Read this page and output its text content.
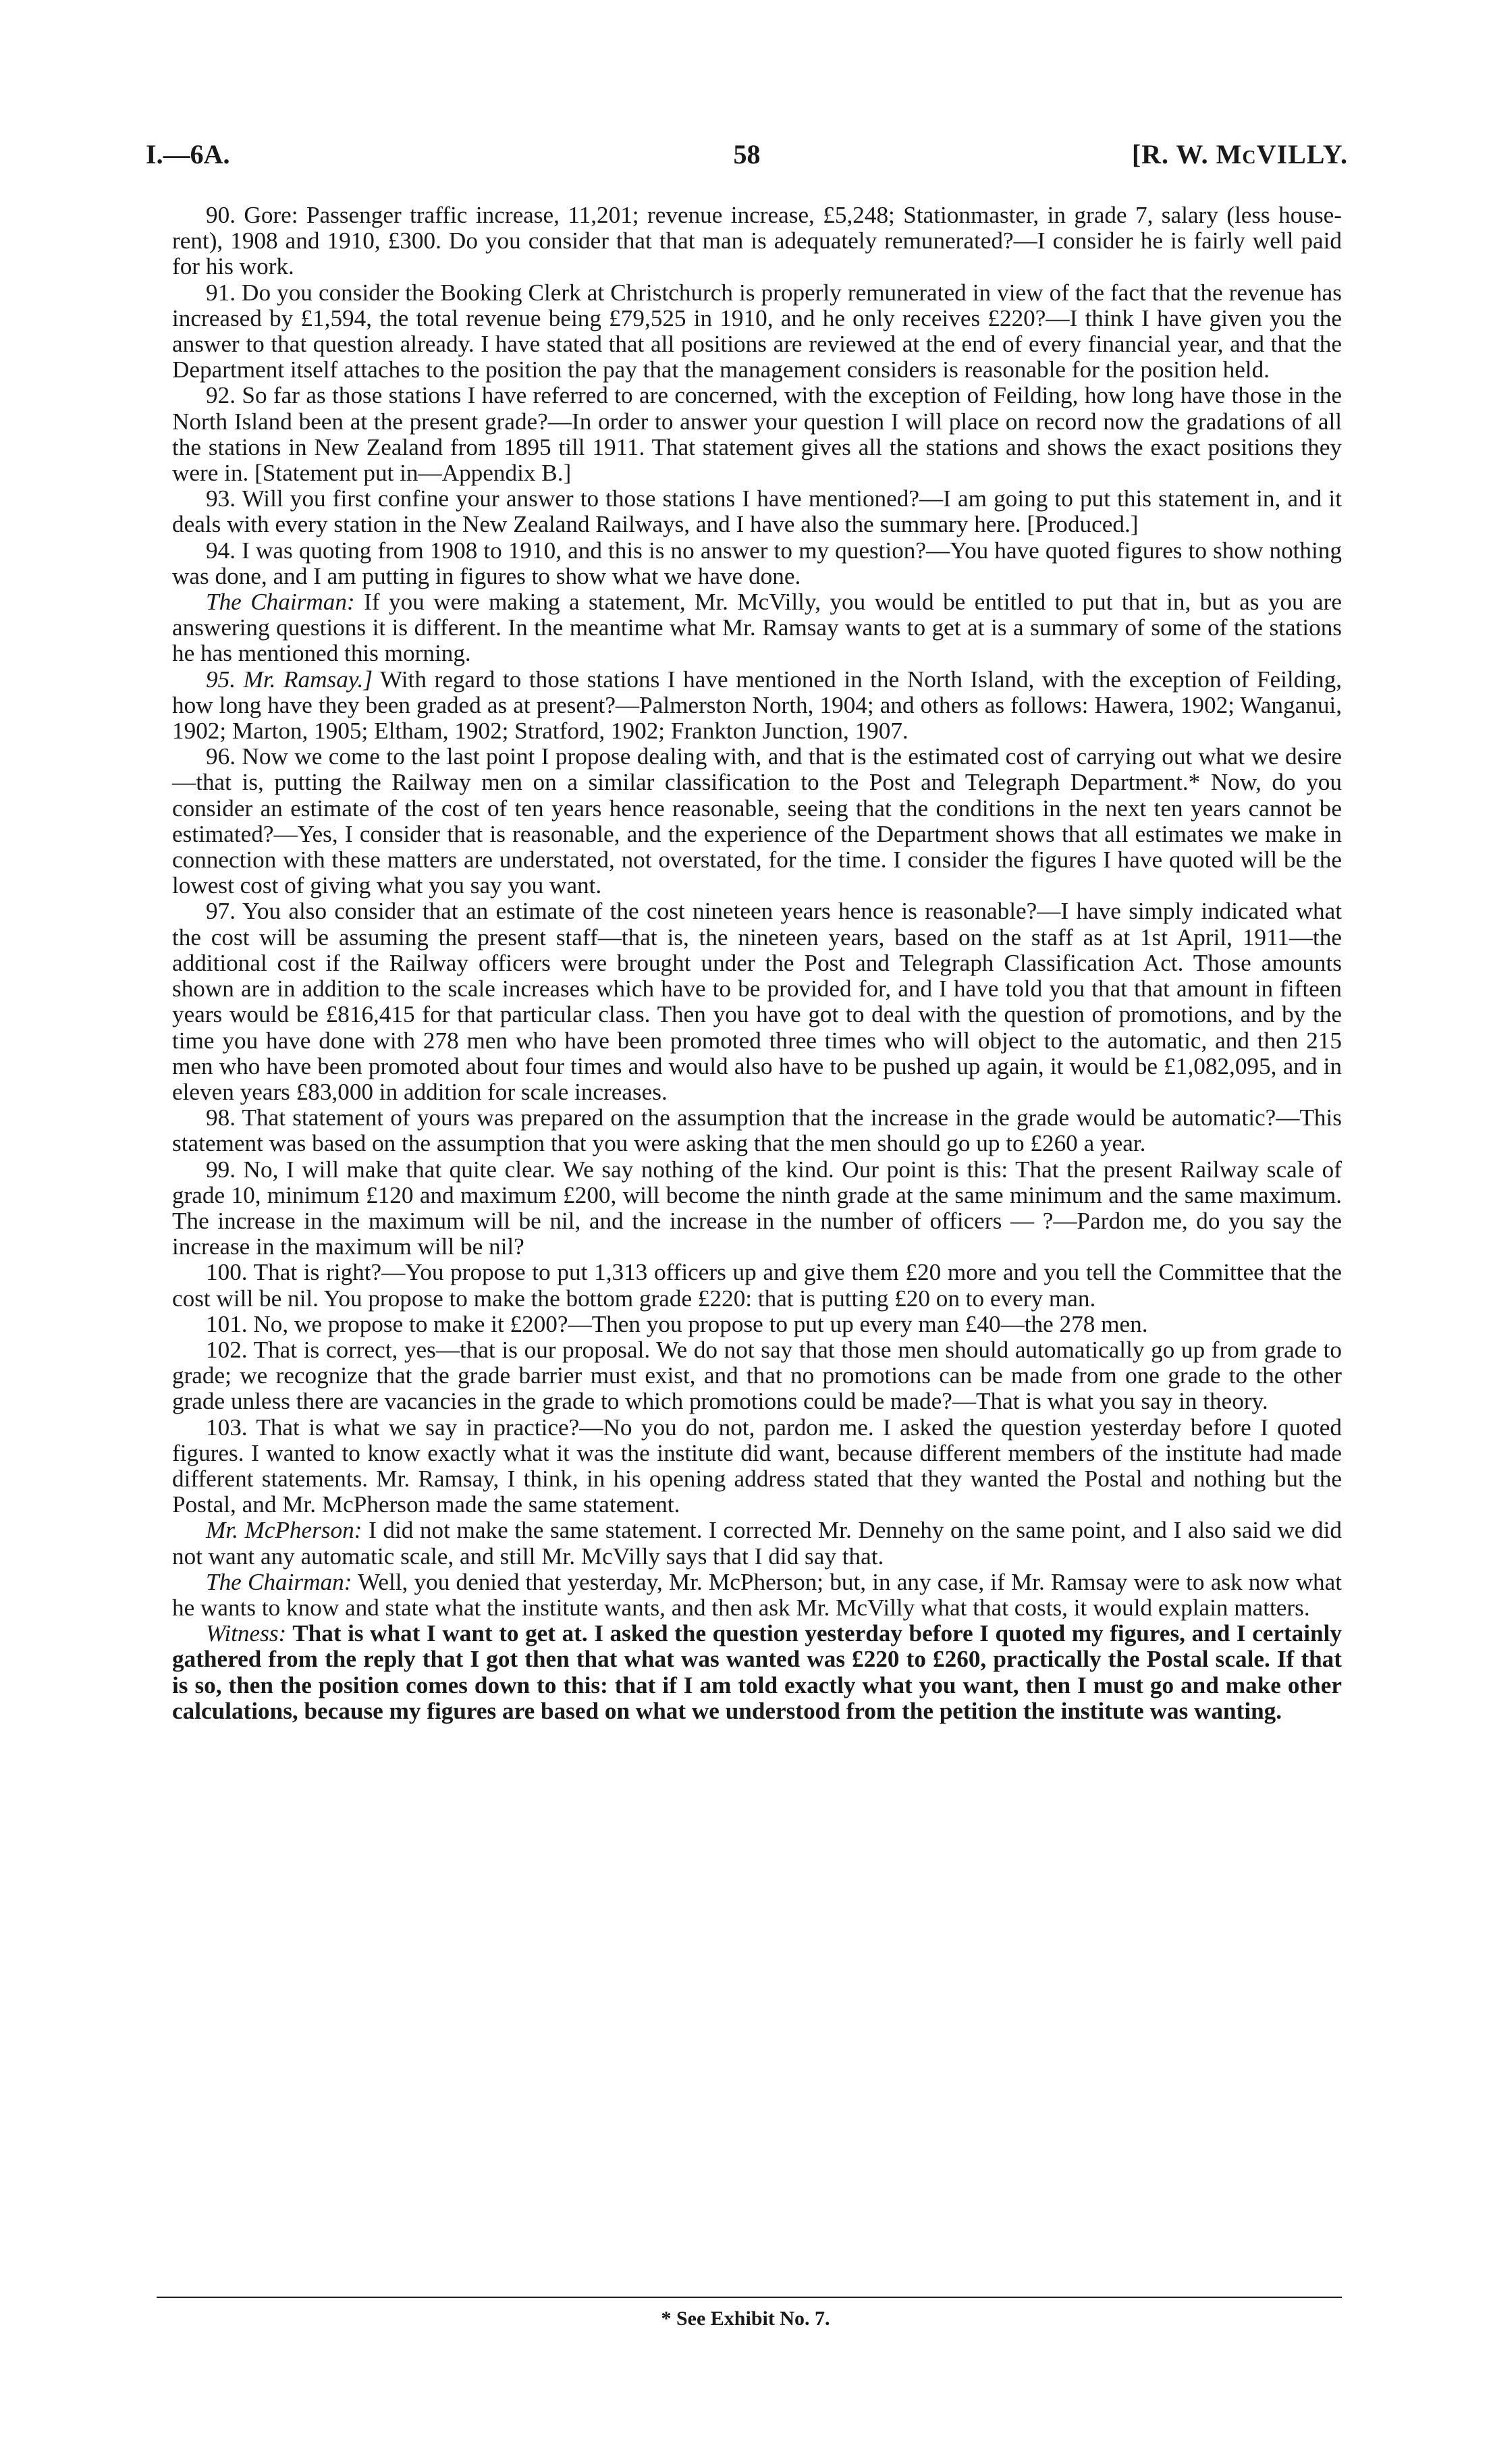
I.—6A.	58	[R. W. McVILLY.

90. Gore: Passenger traffic increase, 11,201; revenue increase, £5,248; Stationmaster, in grade 7, salary (less house-rent), 1908 and 1910, £300. Do you consider that that man is adequately remunerated?—I consider he is fairly well paid for his work.

91. Do you consider the Booking Clerk at Christchurch is properly remunerated in view of the fact that the revenue has increased by £1,594, the total revenue being £79,525 in 1910, and he only receives £220?—I think I have given you the answer to that question already. I have stated that all positions are reviewed at the end of every financial year, and that the Department itself attaches to the position the pay that the management considers is reasonable for the position held.

92. So far as those stations I have referred to are concerned, with the exception of Feilding, how long have those in the North Island been at the present grade?—In order to answer your question I will place on record now the gradations of all the stations in New Zealand from 1895 till 1911. That statement gives all the stations and shows the exact positions they were in. [Statement put in—Appendix B.]

93. Will you first confine your answer to those stations I have mentioned?—I am going to put this statement in, and it deals with every station in the New Zealand Railways, and I have also the summary here. [Produced.]

94. I was quoting from 1908 to 1910, and this is no answer to my question?—You have quoted figures to show nothing was done, and I am putting in figures to show what we have done.

The Chairman: If you were making a statement, Mr. McVilly, you would be entitled to put that in, but as you are answering questions it is different. In the meantime what Mr. Ramsay wants to get at is a summary of some of the stations he has mentioned this morning.

95. Mr. Ramsay.] With regard to those stations I have mentioned in the North Island, with the exception of Feilding, how long have they been graded as at present?—Palmerston North, 1904; and others as follows: Hawera, 1902; Wanganui, 1902; Marton, 1905; Eltham, 1902; Stratford, 1902; Frankton Junction, 1907.

96. Now we come to the last point I propose dealing with, and that is the estimated cost of carrying out what we desire—that is, putting the Railway men on a similar classification to the Post and Telegraph Department.* Now, do you consider an estimate of the cost of ten years hence reasonable, seeing that the conditions in the next ten years cannot be estimated?—Yes, I consider that is reasonable, and the experience of the Department shows that all estimates we make in connection with these matters are understated, not overstated, for the time. I consider the figures I have quoted will be the lowest cost of giving what you say you want.

97. You also consider that an estimate of the cost nineteen years hence is reasonable?—I have simply indicated what the cost will be assuming the present staff—that is, the nineteen years, based on the staff as at 1st April, 1911—the additional cost if the Railway officers were brought under the Post and Telegraph Classification Act. Those amounts shown are in addition to the scale increases which have to be provided for, and I have told you that that amount in fifteen years would be £816,415 for that particular class. Then you have got to deal with the question of promotions, and by the time you have done with 278 men who have been promoted three times who will object to the automatic, and then 215 men who have been promoted about four times and would also have to be pushed up again, it would be £1,082,095, and in eleven years £83,000 in addition for scale increases.

98. That statement of yours was prepared on the assumption that the increase in the grade would be automatic?—This statement was based on the assumption that you were asking that the men should go up to £260 a year.

99. No, I will make that quite clear. We say nothing of the kind. Our point is this: That the present Railway scale of grade 10, minimum £120 and maximum £200, will become the ninth grade at the same minimum and the same maximum. The increase in the maximum will be nil, and the increase in the number of officers — ?—Pardon me, do you say the increase in the maximum will be nil?

100. That is right?—You propose to put 1,313 officers up and give them £20 more and you tell the Committee that the cost will be nil. You propose to make the bottom grade £220: that is putting £20 on to every man.

101. No, we propose to make it £200?—Then you propose to put up every man £40—the 278 men.

102. That is correct, yes—that is our proposal. We do not say that those men should automatically go up from grade to grade; we recognize that the grade barrier must exist, and that no promotions can be made from one grade to the other grade unless there are vacancies in the grade to which promotions could be made?—That is what you say in theory.

103. That is what we say in practice?—No you do not, pardon me. I asked the question yesterday before I quoted figures. I wanted to know exactly what it was the institute did want, because different members of the institute had made different statements. Mr. Ramsay, I think, in his opening address stated that they wanted the Postal and nothing but the Postal, and Mr. McPherson made the same statement.

Mr. McPherson: I did not make the same statement. I corrected Mr. Dennehy on the same point, and I also said we did not want any automatic scale, and still Mr. McVilly says that I did say that.

The Chairman: Well, you denied that yesterday, Mr. McPherson; but, in any case, if Mr. Ramsay were to ask now what he wants to know and state what the institute wants, and then ask Mr. McVilly what that costs, it would explain matters.

Witness: That is what I want to get at. I asked the question yesterday before I quoted my figures, and I certainly gathered from the reply that I got then that what was wanted was £220 to £260, practically the Postal scale. If that is so, then the position comes down to this: that if I am told exactly what you want, then I must go and make other calculations, because my figures are based on what we understood from the petition the institute was wanting.

* See Exhibit No. 7.
